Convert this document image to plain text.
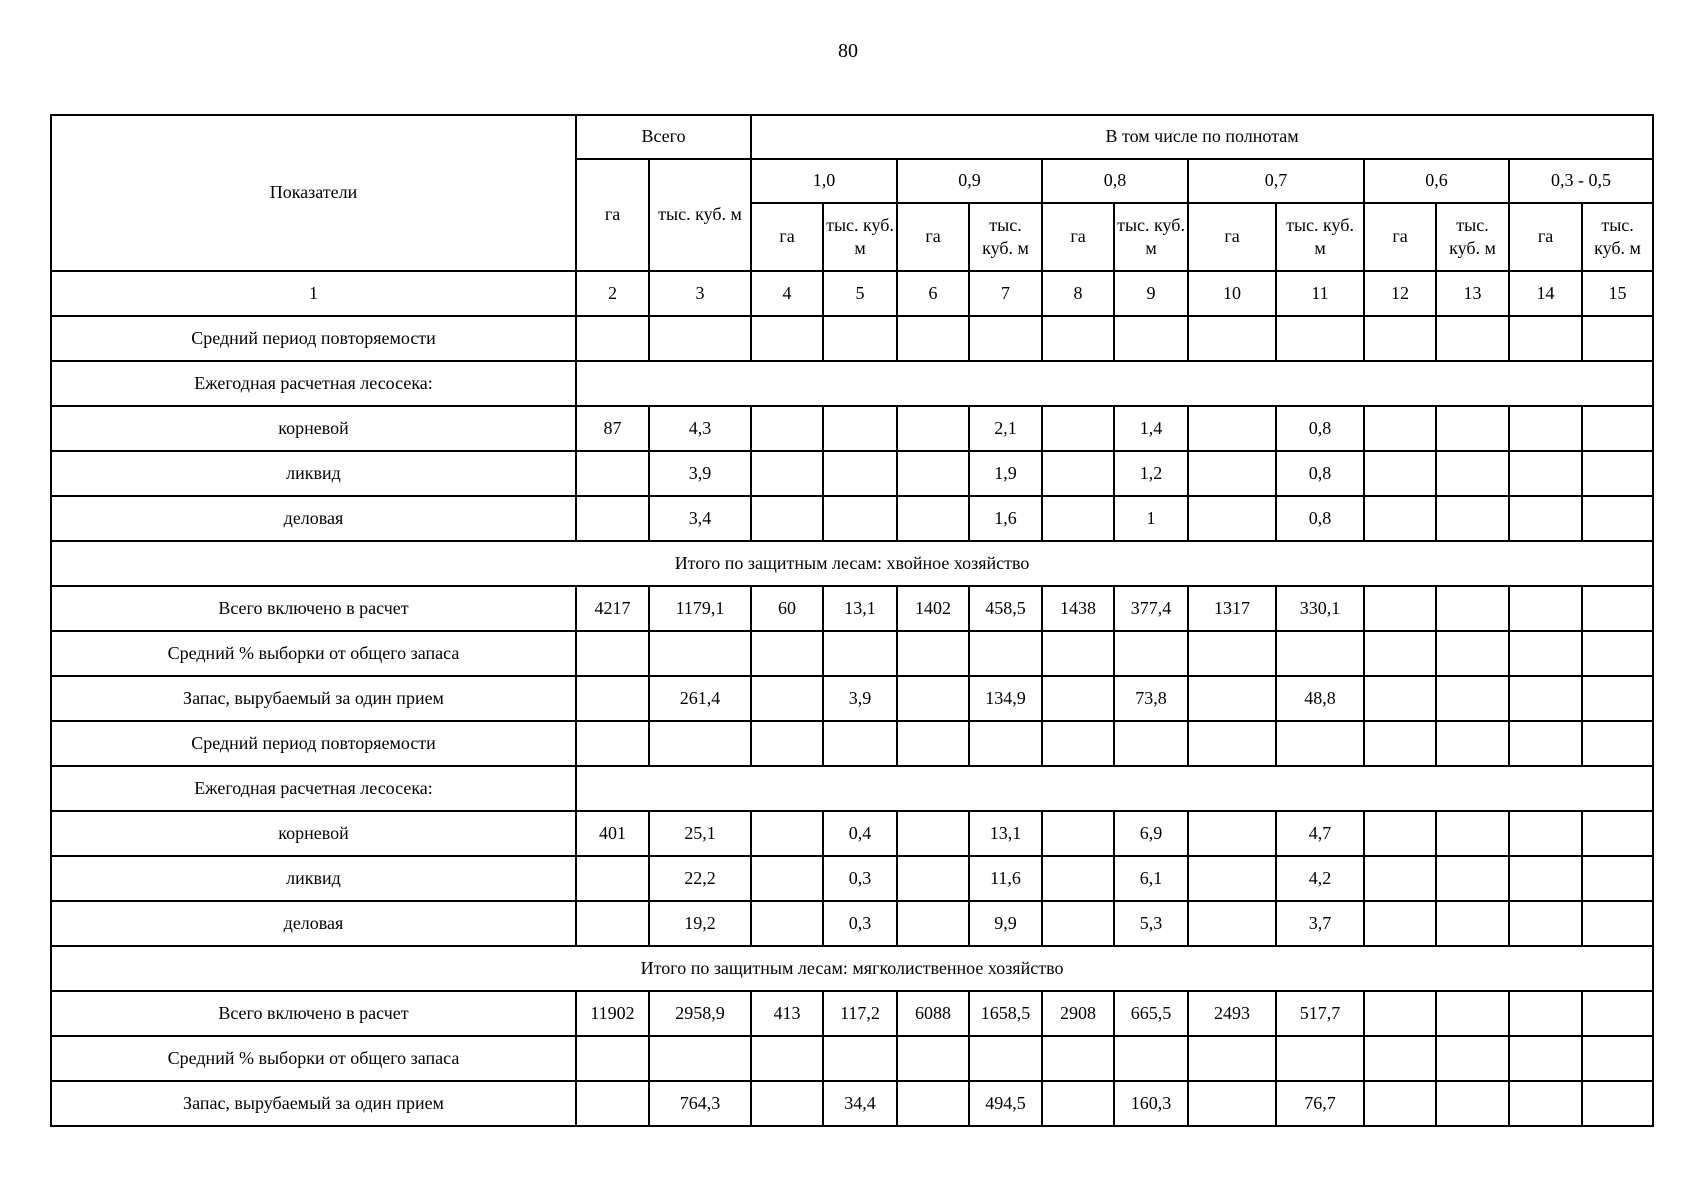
80
Показатели	Всего		В том числе по полнотам											
	га	тыс. куб. м	1,0		0,9		0,8		0,7		0,6		0,3 - 0,5	
			га	тыс. куб. м	га	тыс. куб. м	га	тыс. куб. м	га	тыс. куб. м	га	тыс. куб. м	га	тыс. куб. м
1	2	3	4	5	6	7	8	9	10	11	12	13	14	15
Средний период повторяемости														
Ежегодная расчетная лесосека:														
корневой	87	4,3				2,1		1,4		0,8				
ликвид		3,9				1,9		1,2		0,8				
деловая		3,4				1,6		1		0,8				
Итого по защитным лесам: хвойное хозяйство														
Всего включено в расчет	4217	1179,1	60	13,1	1402	458,5	1438	377,4	1317	330,1				
Средний % выборки от общего запаса														
Запас, вырубаемый за один прием		261,4		3,9		134,9		73,8		48,8				
Средний период повторяемости														
Ежегодная расчетная лесосека:														
корневой	401	25,1		0,4		13,1		6,9		4,7				
ликвид		22,2		0,3		11,6		6,1		4,2				
деловая		19,2		0,3		9,9		5,3		3,7				
Итого по защитным лесам: мягколиственное хозяйство														
Всего включено в расчет	11902	2958,9	413	117,2	6088	1658,5	2908	665,5	2493	517,7				
Средний % выборки от общего запаса														
Запас, вырубаемый за один прием		764,3		34,4		494,5		160,3		76,7				
